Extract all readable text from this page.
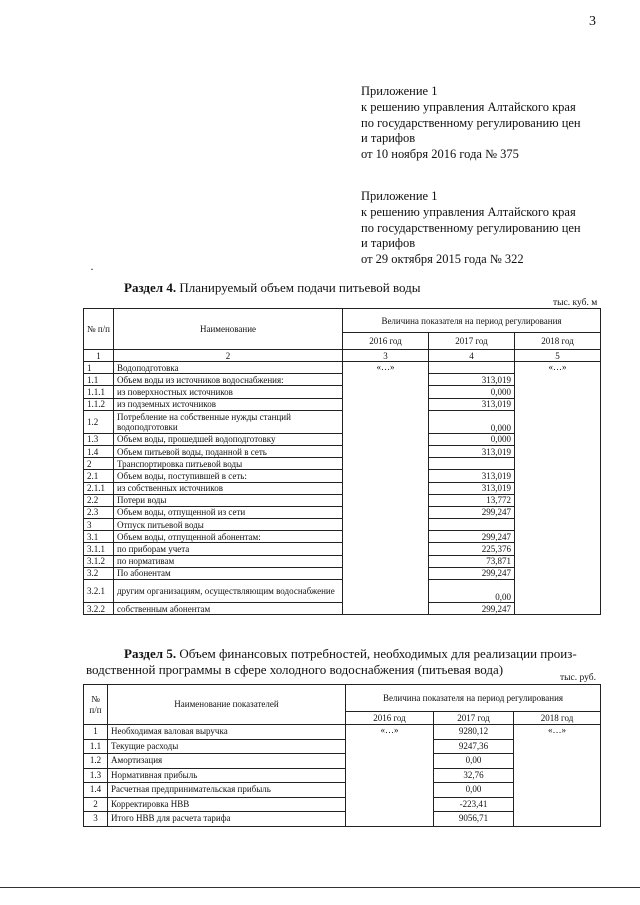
3
Приложение 1
к решению управления Алтайского края
по государственному регулированию цен
и тарифов
от 10 ноября 2016 года № 375
Приложение 1
к решению управления Алтайского края
по государственному регулированию цен
и тарифов
от 29 октября 2015 года № 322
·
Раздел 4. Планируемый объем подачи питьевой воды
тыс. куб. м
№ п/п	Наименование	Величина показателя на период регулирования		
		2016 год	2017 год	2018 год
1	2	3	4	5
1	Водоподготовка	«…»		«…»
1.1	Объем воды из источников водоснабжения:		313,019	
1.1.1	из поверхностных источников		0,000	
1.1.2	из подземных источников		313,019	
1.2	Потребление на собственные нужды станций водоподготовки		0,000	
1.3	Объем воды, прошедшей водоподготовку		0,000	
1.4	Объем питьевой воды, поданной в сеть		313,019	
2	Транспортировка питьевой воды			
2.1	Объем воды, поступившей в сеть:		313,019	
2.1.1	из собственных источников		313,019	
2.2	Потери воды		13,772	
2.3	Объем воды, отпущенной из сети		299,247	
3	Отпуск питьевой воды			
3.1	Объем воды, отпущенной абонентам:		299,247	
3.1.1	по приборам учета		225,376	
3.1.2	по нормативам		73,871	
3.2	По абонентам		299,247	
3.2.1	другим организациям, осуществляющим водоснабжение		0,00	
3.2.2	собственным абонентам		299,247	
Раздел 5. Объем финансовых потребностей, необходимых для реализации произ-
водственной программы в сфере холодного водоснабжения (питьевая вода)
тыс. руб.
№ п/п	Наименование показателей	Величина показателя на период регулирования		
		2016 год	2017 год	2018 год
1	Необходимая валовая выручка	«…»	9280,12	«…»
1.1	Текущие расходы		9247,36	
1.2	Амортизация		0,00	
1.3	Нормативная прибыль		32,76	
1.4	Расчетная предпринимательская прибыль		0,00	
2	Корректировка НВВ		-223,41	
3	Итого НВВ для расчета тарифа		9056,71	
